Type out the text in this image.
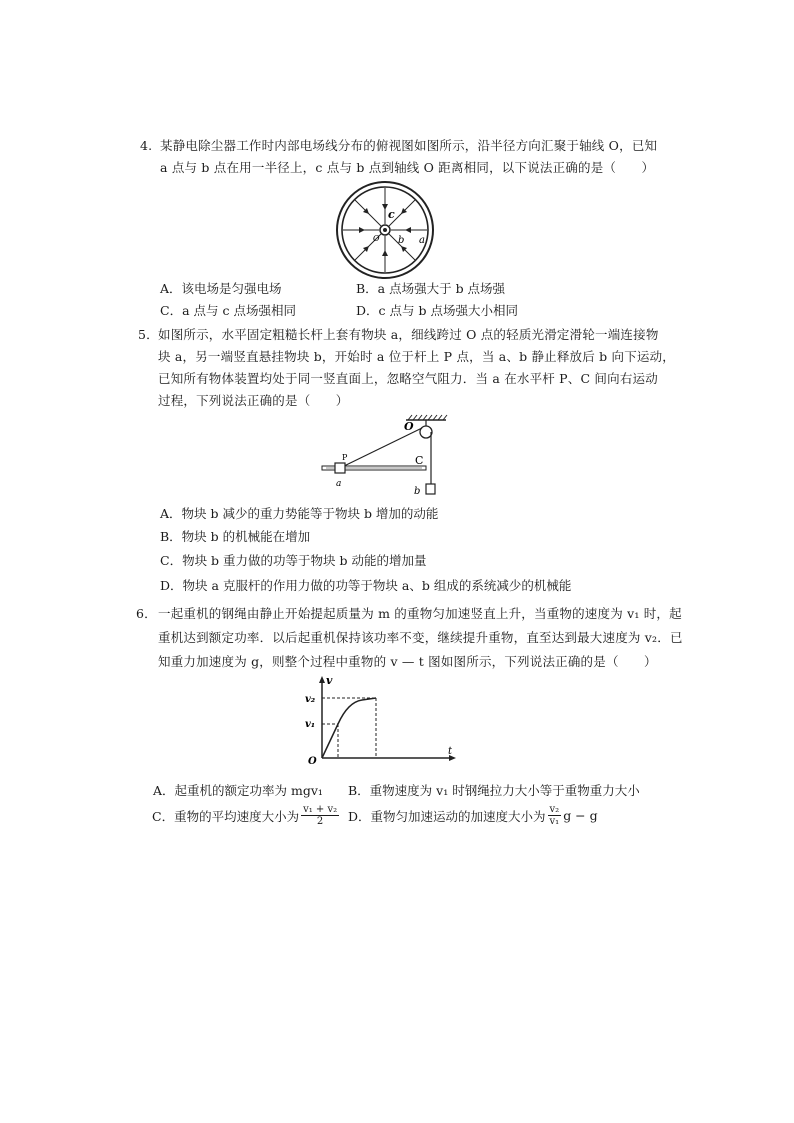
4. 某静电除尘器工作时内部电场线分布的俯视图如图所示，沿半径方向汇聚于轴线 O，已知
a 点与 b 点在用一半径上，c 点与 b 点到轴线 O 距离相同，以下说法正确的是（　　）
c
O b a
A．该电场是匀强电场	B．a 点场强大于 b 点场强
C．a 点与 c 点场强相同	D．c 点与 b 点场强大小相同
5． 如图所示，水平固定粗糙长杆上套有物块 a，细线跨过 O 点的轻质光滑定滑轮一端连接物
块 a，另一端竖直悬挂物块 b，开始时 a 位于杆上 P 点，当 a、b 静止释放后 b 向下运动，
已知所有物体装置均处于同一竖直面上，忽略空气阻力．当 a 在水平杆 P、C 间向右运动
过程，下列说法正确的是（　　）
O
P	C
a
b
A．物块 b 减少的重力势能等于物块 b 增加的动能
B．物块 b 的机械能在增加
C．物块 b 重力做的功等于物块 b 动能的增加量
D．物块 a 克服杆的作用力做的功等于物块 a、b 组成的系统减少的机械能
6． 一起重机的钢绳由静止开始提起质量为 m 的重物匀加速竖直上升，当重物的速度为 v₁ 时，起
重机达到额定功率．以后起重机保持该功率不变，继续提升重物，直至达到最大速度为 v₂．已
知重力加速度为 g，则整个过程中重物的 v — t 图如图所示，下列说法正确的是（　　）
v
v₂
v₁
O
t
A．起重机的额定功率为 mgv₁ B．重物速度为 v₁ 时钢绳拉力大小等于重物重力大小
C．重物的平均速度大小为 $\frac{\text{v₁ + v₂}}{2}$ D．重物匀加速运动的加速度大小为 $\frac{\text{v₂}}{\text{v₁}}$ g − g
